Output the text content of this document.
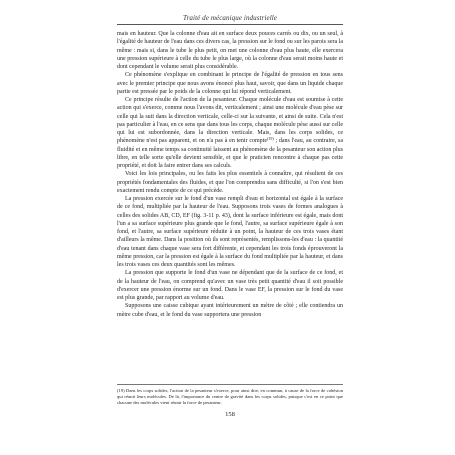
Traité de mécanique industrielle

mais en hauteur. Que la colonne d'eau ait en surface deux pouces carrés ou dix, ou un seul, à l'égalité de hauteur de l'eau dans ces divers cas, la pression sur le fond ou sur les parois sera la même : mais si, dans le tube le plus petit, on met une colonne d'eau plus haute, elle exercera une pression supérieure à celle du tube le plus large, où la colonne d'eau serait moins haute et dont cependant le volume serait plus considérable.

Ce phénomène s'explique en combinant le principe de l'égalité de pression en tous sens avec le premier principe que nous avons énoncé plus haut, savoir, que dans un liquide chaque partie est pressée par le poids de la colonne qui lui répond verticalement.

Ce principe résulte de l'action de la pesanteur. Chaque molécule d'eau est soumise à cette action qui s'exerce, comme nous l'avons dit, verticalement ; ainsi une molécule d'eau pèse sur celle qui la suit dans la direction verticale, celle-ci sur la suivante, et ainsi de suite. Cela n'est pas particulier à l'eau, en ce sens que dans tous les corps, chaque molécule pèse aussi sur celle qui lui est subordonnée, dans la direction verticale. Mais, dans les corps solides, ce phénomène n'est pas apparent, et on n'a pas à en tenir compte$^{(19)}$ ; dans l'eau, au contraire, sa fluidité et en même temps sa continuité laissent au phénomène de la pesanteur son action plus libre, en telle sorte qu'elle devient sensible, et que le praticien rencontre à chaque pas cette propriété, et doit la faire entrer dans ses calculs.

Voici les lois principales, ou les faits les plus essentiels à connaître, qui résultent de ces propriétés fondamentales des fluides, et que l'on comprendra sans difficulté, si l'on s'est bien exactement rendu compte de ce qui précède.

La pression exercée sur le fond d'un vase rempli d'eau et horizontal est égale à la surface de ce fond, multipliée par la hauteur de l'eau. Supposons trois vases de formes analogues à celles des solides AB, CD, EF (fig. 3-11 p. 43), dont la surface inférieure est égale, mais dont l'un a sa surface supérieure plus grande que le fond, l'autre, sa surface supérieure égale à son fond, et l'autre, sa surface supérieure réduite à un point, la hauteur de ces trois vases étant d'ailleurs la même. Dans la position où ils sont représentés, remplissons-les d'eau : la quantité d'eau tenant dans chaque vase sera fort différente, et cependant les trois fonds éprouveront la même pression, car la pression est égale à la surface du fond multipliée par la hauteur, et dans les trois vases ces deux quantités sont les mêmes.

La pression que supporte le fond d'un vase ne dépendant que de la surface de ce fond, et de la hauteur de l'eau, on comprend qu'avec un vase très petit quantité d'eau il soit possible d'exercer une pression énorme sur un fond. Dans le vase EF, la pression sur le fond du vase est plus grande, par rapport au volume d'eau.

Supposons une caisse cubique ayant intérieurement un mètre de côté ; elle contiendra un mètre cube d'eau, et le fond du vase supportera une pression

(19) Dans les corps solides, l'action de la pesanteur s'exerce, pour ainsi dire, en commun, à cause de la force de cohésion qui réunit leurs molécules. De là, l'importance du centre de gravité dans les corps solides, puisque c'est en ce point que chacune des molécules vient réunir la force de pesanteur.
158
